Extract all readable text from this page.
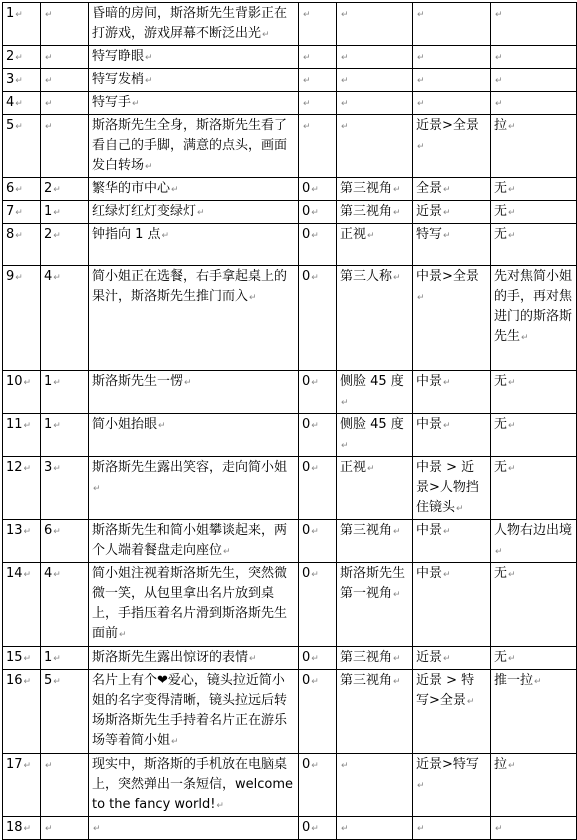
1↵	↵	昏暗的房间，斯洛斯先生背影正在打游戏，游戏屏幕不断泛出光↵	↵	↵	↵	↵
2↵	↵	特写睁眼↵	↵	↵	↵	↵
3↵	↵	特写发梢↵	↵	↵	↵	↵
4↵	↵	特写手↵	↵	↵	↵	↵
5↵	↵	斯洛斯先生全身，斯洛斯先生看了看自己的手脚，满意的点头，画面发白转场↵	↵	↵	近景>全景↵	拉↵
6↵	2↵	繁华的市中心↵	0↵	第三视角↵	全景↵	无↵
7↵	1↵	红绿灯红灯变绿灯↵	0↵	第三视角↵	近景↵	无↵
8↵	2↵	钟指向 1 点↵	0↵	正视↵	特写↵	无↵
9↵	4↵	简小姐正在选餐，右手拿起桌上的果汁，斯洛斯先生推门而入↵	0↵	第三人称↵	中景>全景↵	先对焦简小姐的手，再对焦进门的斯洛斯先生↵
10↵	1↵	斯洛斯先生一愣↵	0↵	侧脸 45 度↵	中景↵	无↵
11↵	1↵	简小姐抬眼↵	0↵	侧脸 45 度↵	中景↵	无↵
12↵	3↵	斯洛斯先生露出笑容，走向简小姐↵	0↵	正视↵	中景 > 近景>人物挡住镜头↵	无↵
13↵	6↵	斯洛斯先生和简小姐攀谈起来，两个人端着餐盘走向座位↵	0↵	第三视角↵	中景↵	人物右边出境↵
14↵	4↵	简小姐注视着斯洛斯先生，突然微微一笑，从包里拿出名片放到桌上，手指压着名片滑到斯洛斯先生面前↵	0↵	斯洛斯先生第一视角↵	中景↵	无↵
15↵	1↵	斯洛斯先生露出惊讶的表情↵	0↵	第三视角↵	近景↵	无↵
16↵	5↵	名片上有个❤爱心，镜头拉近简小姐的名字变得清晰，镜头拉远后转场斯洛斯先生手持着名片正在游乐场等着简小姐↵	0↵	第三视角↵	近景 > 特写>全景↵	推一拉↵
17↵	↵	现实中，斯洛斯的手机放在电脑桌上，突然弹出一条短信，welcome to the fancy world!↵	0↵	↵	近景>特写↵	拉↵
18↵	↵	↵	0↵	↵	↵	↵
